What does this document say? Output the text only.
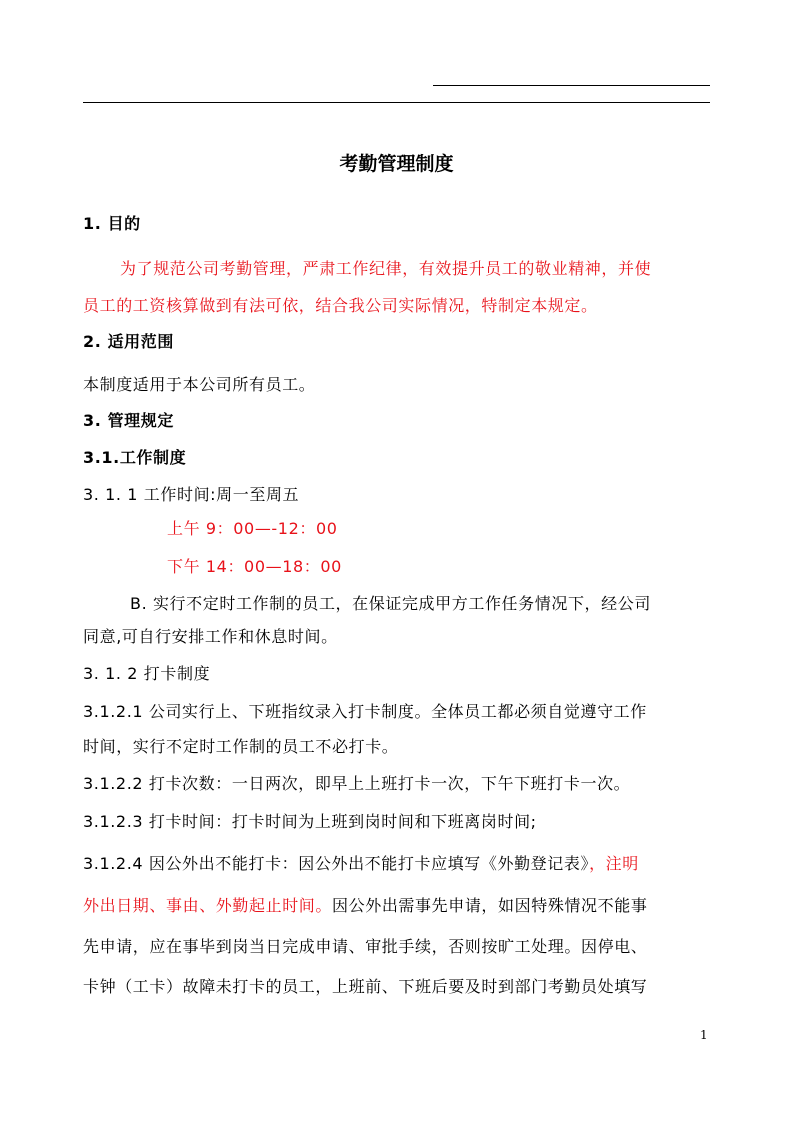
考勤管理制度
1. 目的
为了规范公司考勤管理，严肃工作纪律，有效提升员工的敬业精神，并使
员工的工资核算做到有法可依，结合我公司实际情况，特制定本规定。
2. 适用范围
本制度适用于本公司所有员工。
3. 管理规定
3.1.工作制度
3. 1. 1 工作时间:周一至周五
上午 9：00—-12：00
下午 14：00—18：00
B. 实行不定时工作制的员工，在保证完成甲方工作任务情况下，经公司
同意,可自行安排工作和休息时间。
3. 1. 2 打卡制度
3.1.2.1 公司实行上、下班指纹录入打卡制度。全体员工都必须自觉遵守工作
时间，实行不定时工作制的员工不必打卡。
3.1.2.2 打卡次数：一日两次，即早上上班打卡一次，下午下班打卡一次。
3.1.2.3 打卡时间：打卡时间为上班到岗时间和下班离岗时间;
3.1.2.4 因公外出不能打卡：因公外出不能打卡应填写《外勤登记表》，注明
外出日期、事由、外勤起止时间。因公外出需事先申请，如因特殊情况不能事
先申请，应在事毕到岗当日完成申请、审批手续，否则按旷工处理。因停电、
卡钟（工卡）故障未打卡的员工，上班前、下班后要及时到部门考勤员处填写
1
